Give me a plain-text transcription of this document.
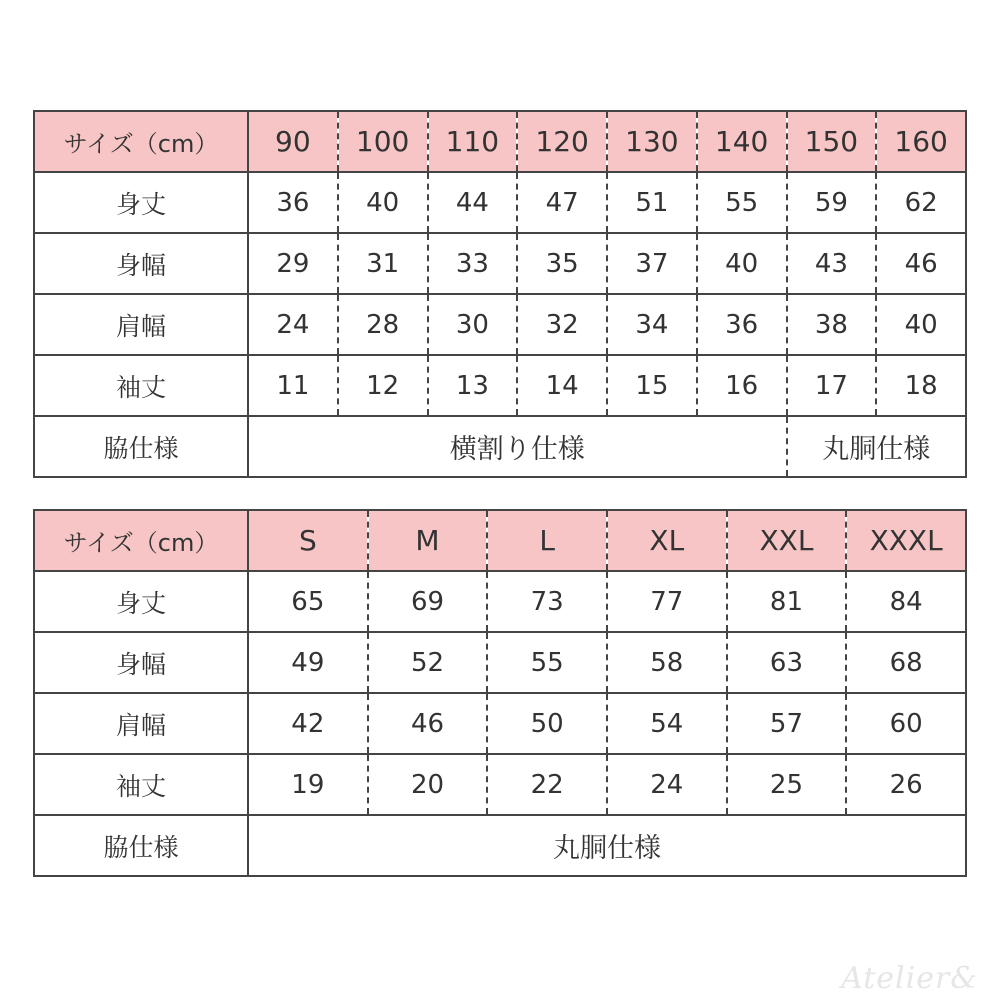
サイズ（cm）	90	100	110	120	130	140	150	160
身丈	36	40	44	47	51	55	59	62
身幅	29	31	33	35	37	40	43	46
肩幅	24	28	30	32	34	36	38	40
袖丈	11	12	13	14	15	16	17	18
脇仕様	横割り仕様						丸胴仕様	
サイズ（cm）	S	M	L	XL	XXL	XXXL
身丈	65	69	73	77	81	84
身幅	49	52	55	58	63	68
肩幅	42	46	50	54	57	60
袖丈	19	20	22	24	25	26
脇仕様	丸胴仕様					
Atelier&
